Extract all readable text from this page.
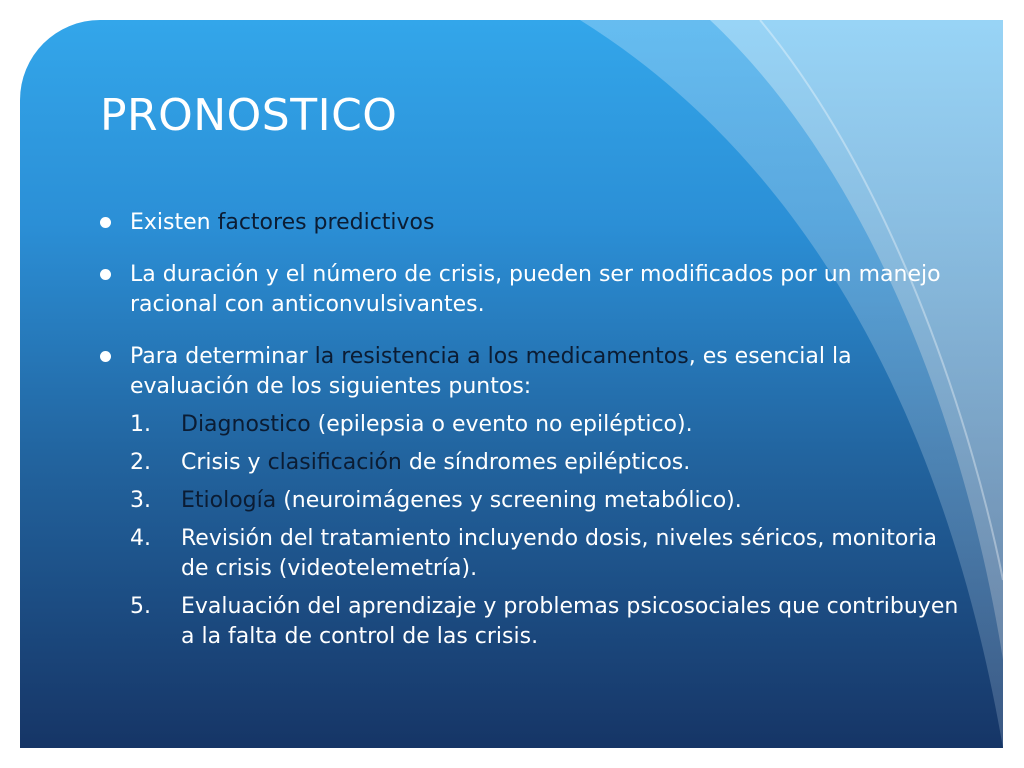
PRONOSTICO
Existen factores predictivos
La duración y el número de crisis, pueden ser modificados por un manejo racional con anticonvulsivantes.
Para determinar la resistencia a los medicamentos, es esencial la evaluación de los siguientes puntos:
1. Diagnostico (epilepsia o evento no epiléptico).
2. Crisis y clasificación de síndromes epilépticos.
3. Etiología (neuroimágenes y screening metabólico).
4. Revisión del tratamiento incluyendo dosis, niveles séricos, monitoria de crisis (videotelemetría).
5. Evaluación del aprendizaje y problemas psicosociales que contribuyen a la falta de control de las crisis.
